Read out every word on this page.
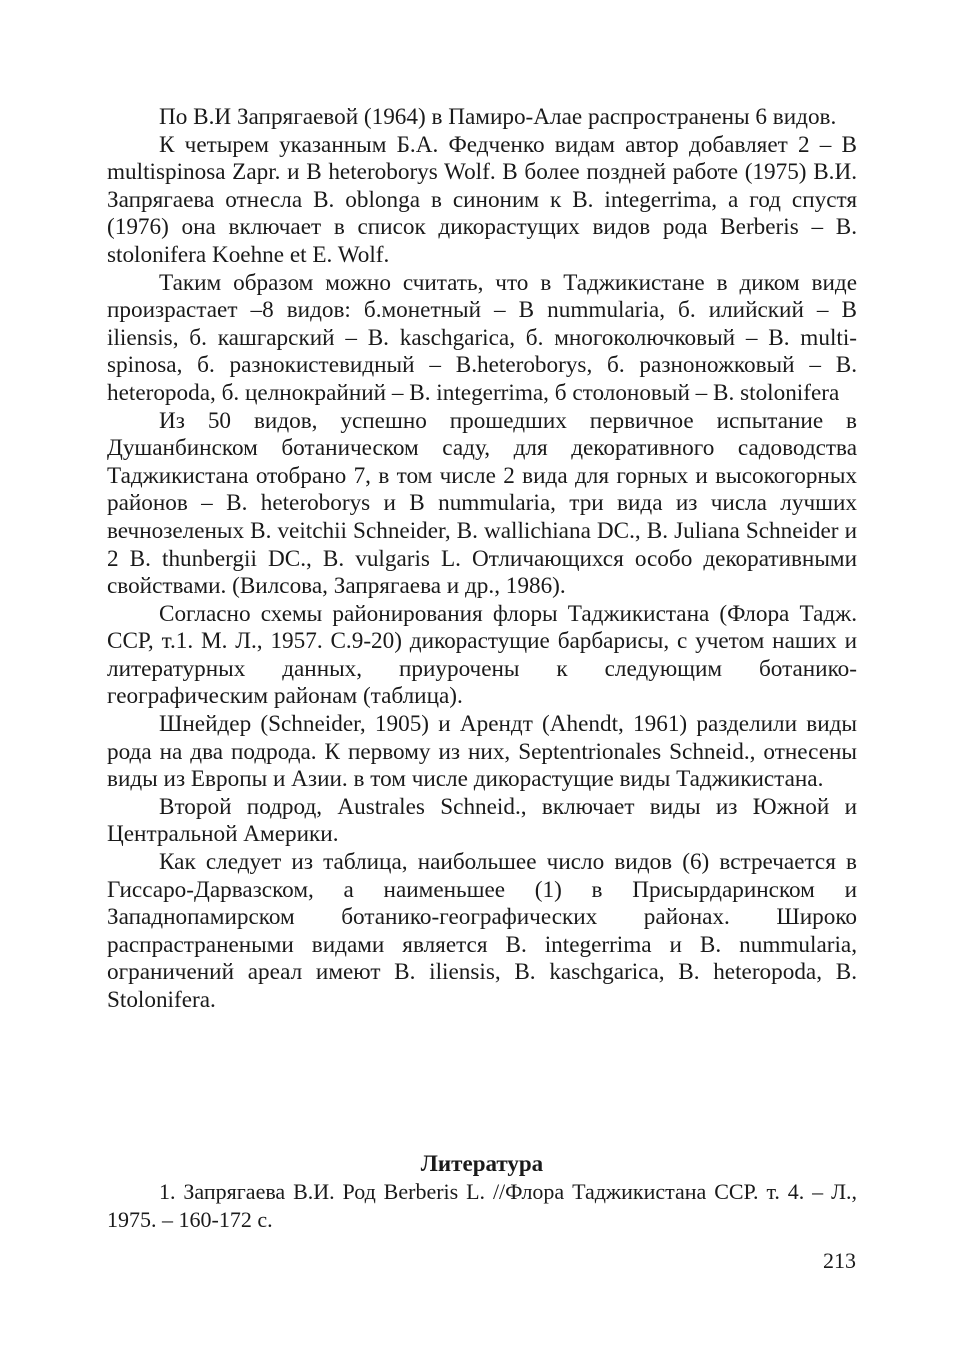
По В.И Запрягаевой (1964) в Памиро-Алае распространены 6 видов.

К четырем указанным Б.А. Федченко видам автор добавляет 2 – B multispinosa Zapr. и B heteroborys Wolf. В более поздней работе (1975) В.И. Запрягаева отнесла B. oblonga в синоним к B. integerrima, а год спустя (1976) она включает в список дикорастущих видов рода Berberis – B. stolonifera Koehne et E. Wolf.

Таким образом можно считать, что в Таджикистане в диком виде произрастает –8 видов: б.монетный – B nummularia, б. илийский – B iliensis, б. кашгарский – B. kaschgarica, б. многоколючковый – B. multi-spinosa, б. разнокистевидный – B.heteroborys, б. разноножковый – B. heteropoda, б. целнокрайний – B. integerrima, б столоновый – B. stolonifera

Из 50 видов, успешно прошедших первичное испытание в Душанбинском ботаническом саду, для декоративного садоводства Таджикистана отобрано 7, в том числе 2 вида для горных и высокогорных районов – B. heteroborys и B nummularia, три вида из числа лучших вечнозеленых B. veitchii Schneider, B. wallichiana DC., B. Juliana Schneider и 2 B. thunbergii DC., B. vulgaris L. Отличающихся особо декоративными свойствами. (Вилсова, Запрягаева и др., 1986).

Согласно схемы районирования флоры Таджикистана (Флора Тадж. ССР, т.1. М. Л., 1957. С.9-20) дикорастущие барбарисы, с учетом наших и литературных данных, приурочены к следующим ботанико-географическим районам (таблица).

Шнейдер (Schneider, 1905) и Арендт (Ahendt, 1961) разделили виды рода на два подрода. К первому из них, Septentrionales Schneid., отнесены виды из Европы и Азии. в том числе дикорастущие виды Таджикистана.

Второй подрод, Australes Schneid., включает виды из Южной и Центральной Америки.

Как следует из таблица, наибольшее число видов (6) встречается в Гиссаро-Дарвазском, а наименьшее (1) в Присырдаринском и Западнопамирском ботанико-географических районах. Широко распрастранеными видами является B. integerrima и B. nummularia, ограничений ареал имеют B. iliensis, B. kaschgarica, B. heteropoda, B. Stolonifera.

Литература

1. Запрягаева В.И. Род Berberis L. //Флора Таджикистана ССР. т. 4. – Л., 1975. – 160-172 с.

213
